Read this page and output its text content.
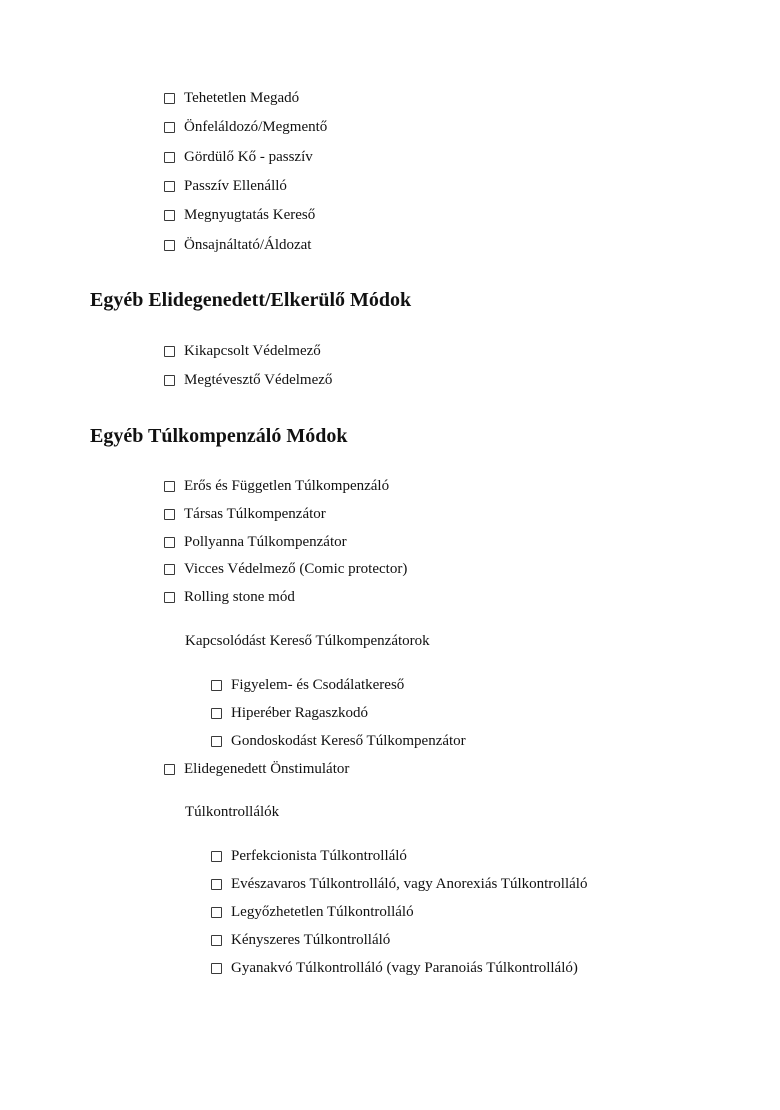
Tehetetlen Megadó
Önfeláldozó/Megmentő
Gördülő Kő - passzív
Passzív Ellenálló
Megnyugtatás Kereső
Önsajnáltató/Áldozat
Egyéb Elidegenedett/Elkerülő Módok
Kikapcsolt Védelmező
Megtévesztő Védelmező
Egyéb Túlkompenzáló Módok
Erős és Független Túlkompenzáló
Társas Túlkompenzátor
Pollyanna Túlkompenzátor
Vicces Védelmező (Comic protector)
Rolling stone mód
Kapcsolódást Kereső Túlkompenzátorok
Figyelem- és Csodálatkereső
Hiperéber Ragaszkodó
Gondoskodást Kereső Túlkompenzátor
Elidegenedett Önstimulátor
Túlkontrollálók
Perfekcionista Túlkontrolláló
Evészavaros Túlkontrolláló, vagy Anorexiás Túlkontrolláló
Legyőzhetetlen Túlkontrolláló
Kényszeres Túlkontrolláló
Gyanakvó Túlkontrolláló (vagy Paranoiás Túlkontrolláló)
